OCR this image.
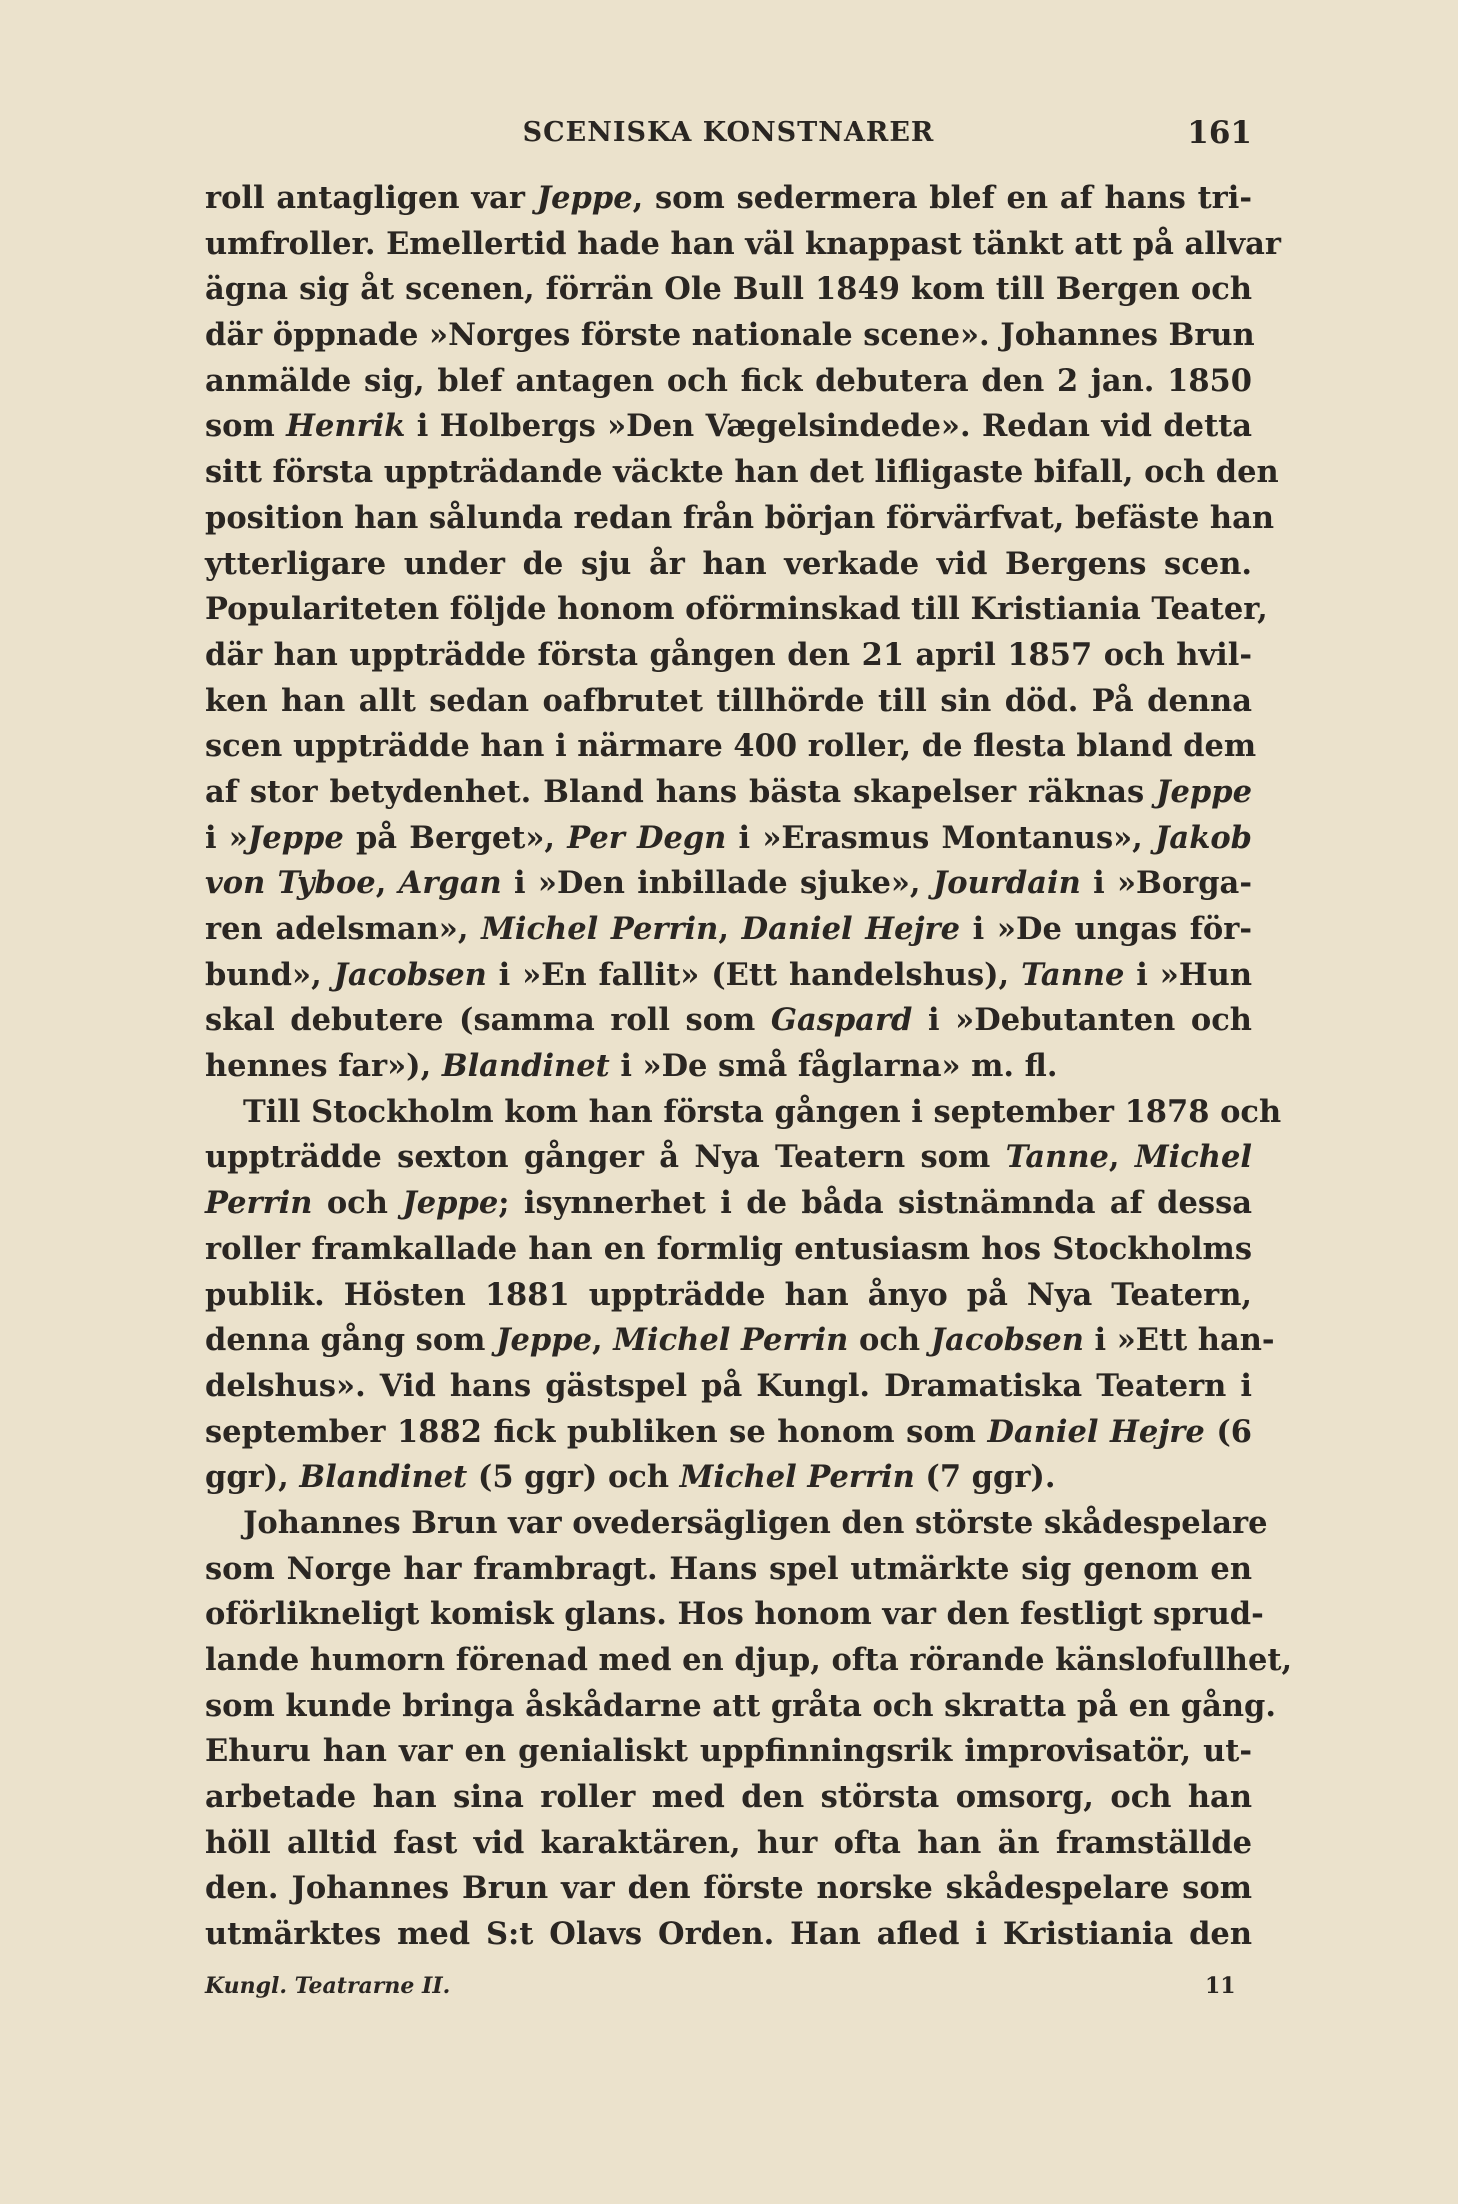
SCENISKA KONSTNARER	161
roll antagligen var Jeppe, som sedermera blef en af hans tri-
umfroller. Emellertid hade han väl knappast tänkt att på allvar
ägna sig åt scenen, förrän Ole Bull 1849 kom till Bergen och
där öppnade »Norges förste nationale scene». Johannes Brun
anmälde sig, blef antagen och fick debutera den 2 jan. 1850
som Henrik i Holbergs »Den Vægelsindede». Redan vid detta
sitt första uppträdande väckte han det lifligaste bifall, och den
position han sålunda redan från början förvärfvat, befäste han
ytterligare under de sju år han verkade vid Bergens scen.
Populariteten följde honom oförminskad till Kristiania Teater,
där han uppträdde första gången den 21 april 1857 och hvil-
ken han allt sedan oafbrutet tillhörde till sin död. På denna
scen uppträdde han i närmare 400 roller, de flesta bland dem
af stor betydenhet. Bland hans bästa skapelser räknas Jeppe
i »Jeppe på Berget», Per Degn i »Erasmus Montanus», Jakob
von Tyboe, Argan i »Den inbillade sjuke», Jourdain i »Borga-
ren adelsman», Michel Perrin, Daniel Hejre i »De ungas för-
bund», Jacobsen i »En fallit» (Ett handelshus), Tanne i »Hun
skal debutere (samma roll som Gaspard i »Debutanten och
hennes far»), Blandinet i »De små fåglarna» m. fl.
Till Stockholm kom han första gången i september 1878 och
uppträdde sexton gånger å Nya Teatern som Tanne, Michel
Perrin och Jeppe; isynnerhet i de båda sistnämnda af dessa
roller framkallade han en formlig entusiasm hos Stockholms
publik. Hösten 1881 uppträdde han ånyo på Nya Teatern,
denna gång som Jeppe, Michel Perrin och Jacobsen i »Ett han-
delshus». Vid hans gästspel på Kungl. Dramatiska Teatern i
september 1882 fick publiken se honom som Daniel Hejre (6
ggr), Blandinet (5 ggr) och Michel Perrin (7 ggr).
Johannes Brun var ovedersägligen den störste skådespelare
som Norge har frambragt. Hans spel utmärkte sig genom en
oförlikneligt komisk glans. Hos honom var den festligt sprud-
lande humorn förenad med en djup, ofta rörande känslofullhet,
som kunde bringa åskådarne att gråta och skratta på en gång.
Ehuru han var en genialiskt uppfinningsrik improvisatör, ut-
arbetade han sina roller med den största omsorg, och han
höll alltid fast vid karaktären, hur ofta han än framställde
den. Johannes Brun var den förste norske skådespelare som
utmärktes med S:t Olavs Orden. Han afled i Kristiania den
Kungl. Teatrarne II.	11
